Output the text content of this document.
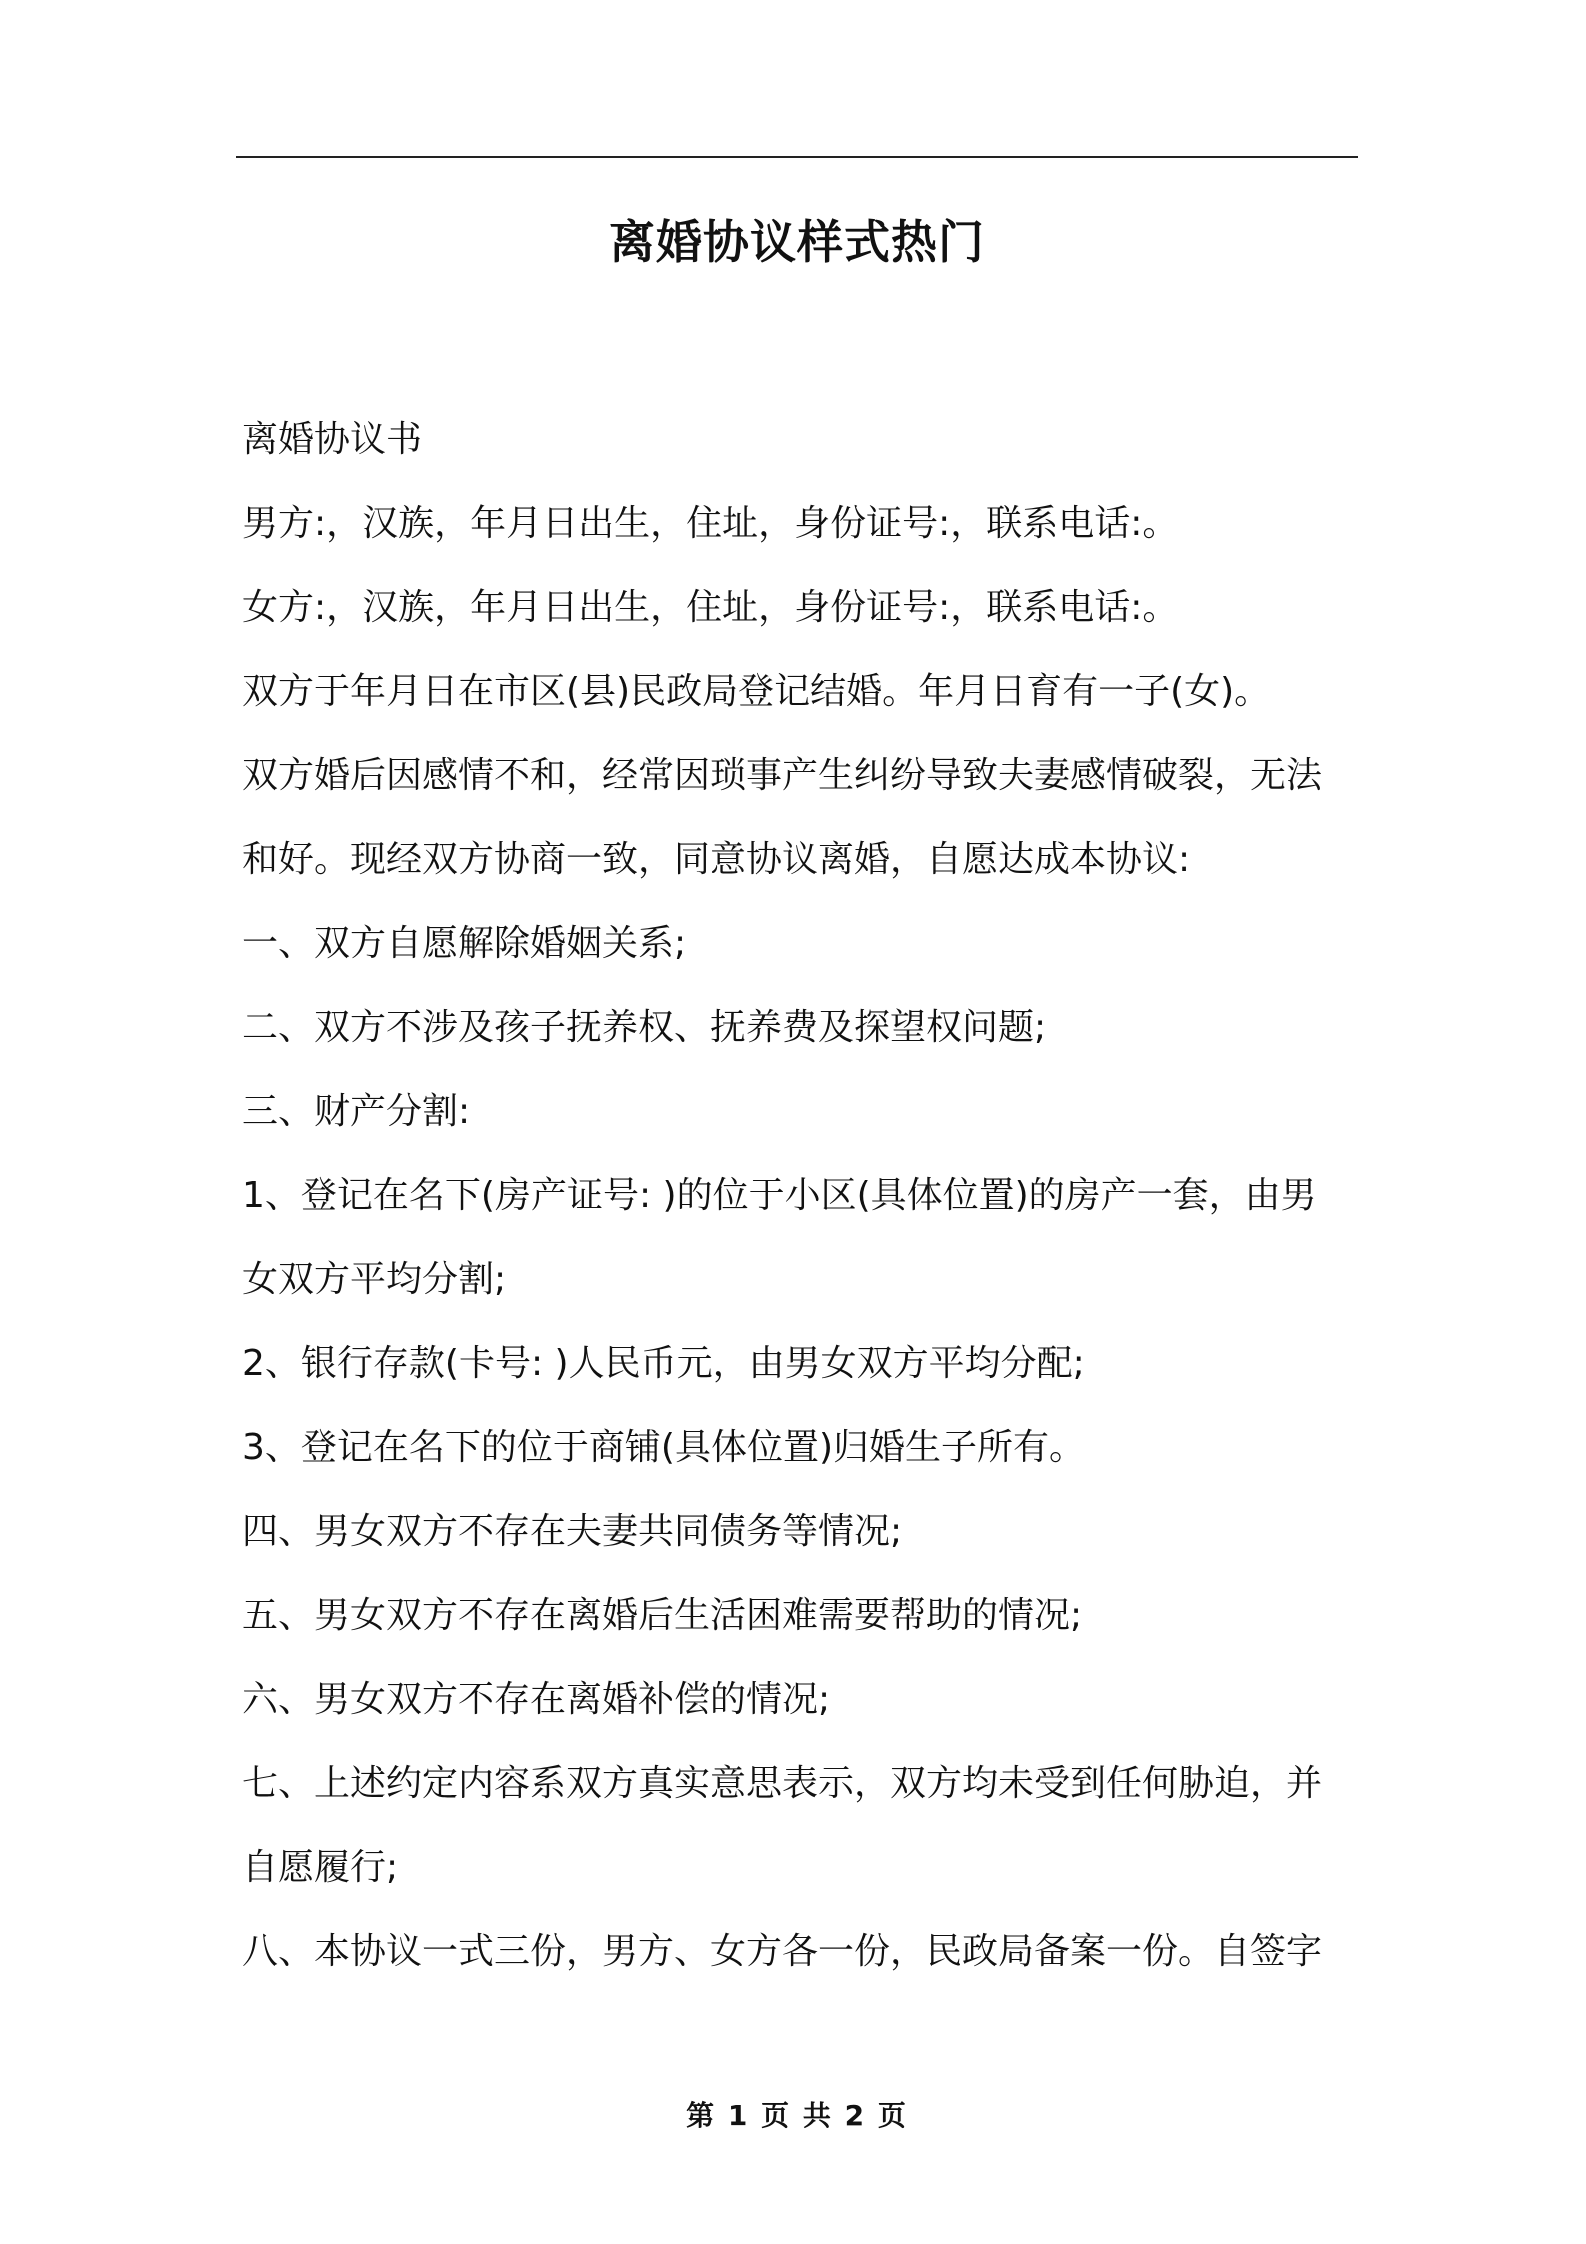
离婚协议样式热门
离婚协议书
男方:，汉族，年月日出生，住址，身份证号:，联系电话:。
女方:，汉族，年月日出生，住址，身份证号:，联系电话:。
双方于年月日在市区(县)民政局登记结婚。年月日育有一子(女)。
双方婚后因感情不和，经常因琐事产生纠纷导致夫妻感情破裂，无法
和好。现经双方协商一致，同意协议离婚，自愿达成本协议:
一、双方自愿解除婚姻关系;
二、双方不涉及孩子抚养权、抚养费及探望权问题;
三、财产分割:
1、登记在名下(房产证号: )的位于小区(具体位置)的房产一套，由男
女双方平均分割;
2、银行存款(卡号: )人民币元，由男女双方平均分配;
3、登记在名下的位于商铺(具体位置)归婚生子所有。
四、男女双方不存在夫妻共同债务等情况;
五、男女双方不存在离婚后生活困难需要帮助的情况;
六、男女双方不存在离婚补偿的情况;
七、上述约定内容系双方真实意思表示，双方均未受到任何胁迫，并
自愿履行;
八、本协议一式三份，男方、女方各一份，民政局备案一份。自签字
第 1 页 共 2 页
